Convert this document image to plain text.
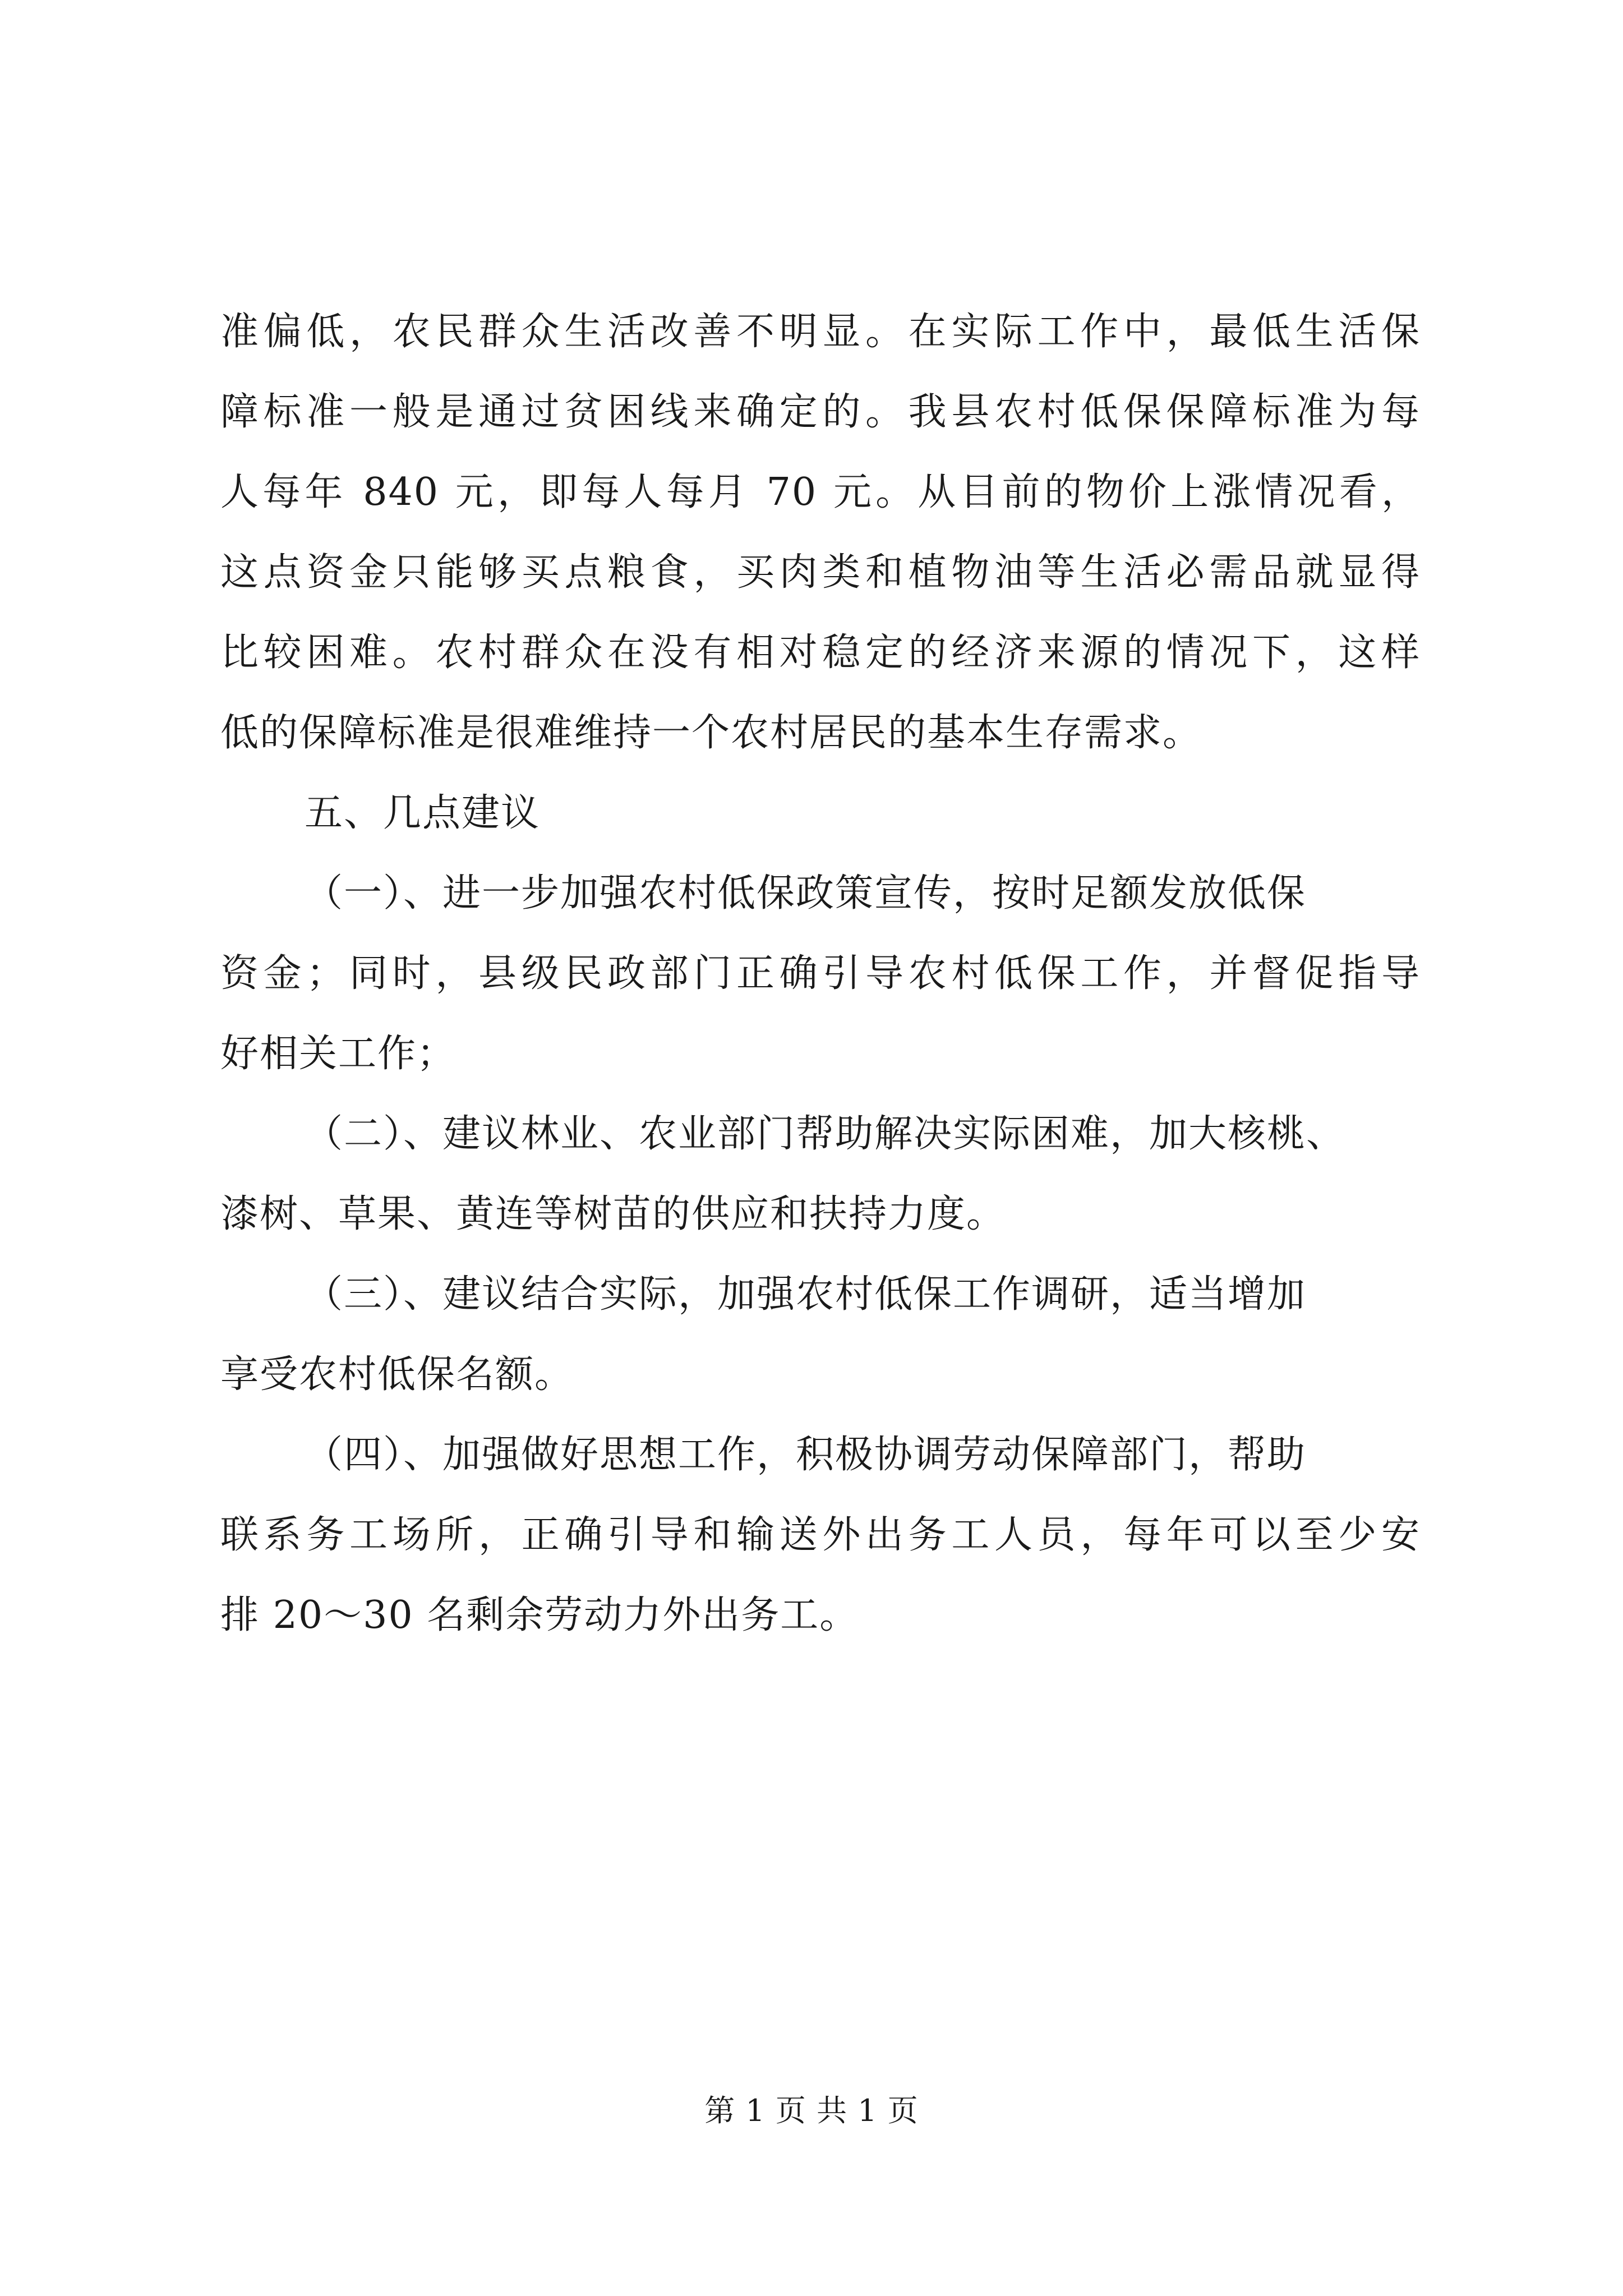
准偏低，农民群众生活改善不明显。在实际工作中，最低生活保
障标准一般是通过贫困线来确定的。我县农村低保保障标准为每
人每年 840 元，即每人每月 70 元。从目前的物价上涨情况看，
这点资金只能够买点粮食，买肉类和植物油等生活必需品就显得
比较困难。农村群众在没有相对稳定的经济来源的情况下，这样
低的保障标准是很难维持一个农村居民的基本生存需求。
五、几点建议
（一）、进一步加强农村低保政策宣传，按时足额发放低保
资金；同时，县级民政部门正确引导农村低保工作，并督促指导
好相关工作；
（二）、建议林业、农业部门帮助解决实际困难，加大核桃、
漆树、草果、黄连等树苗的供应和扶持力度。
（三）、建议结合实际，加强农村低保工作调研，适当增加
享受农村低保名额。
（四）、加强做好思想工作，积极协调劳动保障部门，帮助
联系务工场所，正确引导和输送外出务工人员，每年可以至少安
排 20～30 名剩余劳动力外出务工。
第 1 页 共 1 页
